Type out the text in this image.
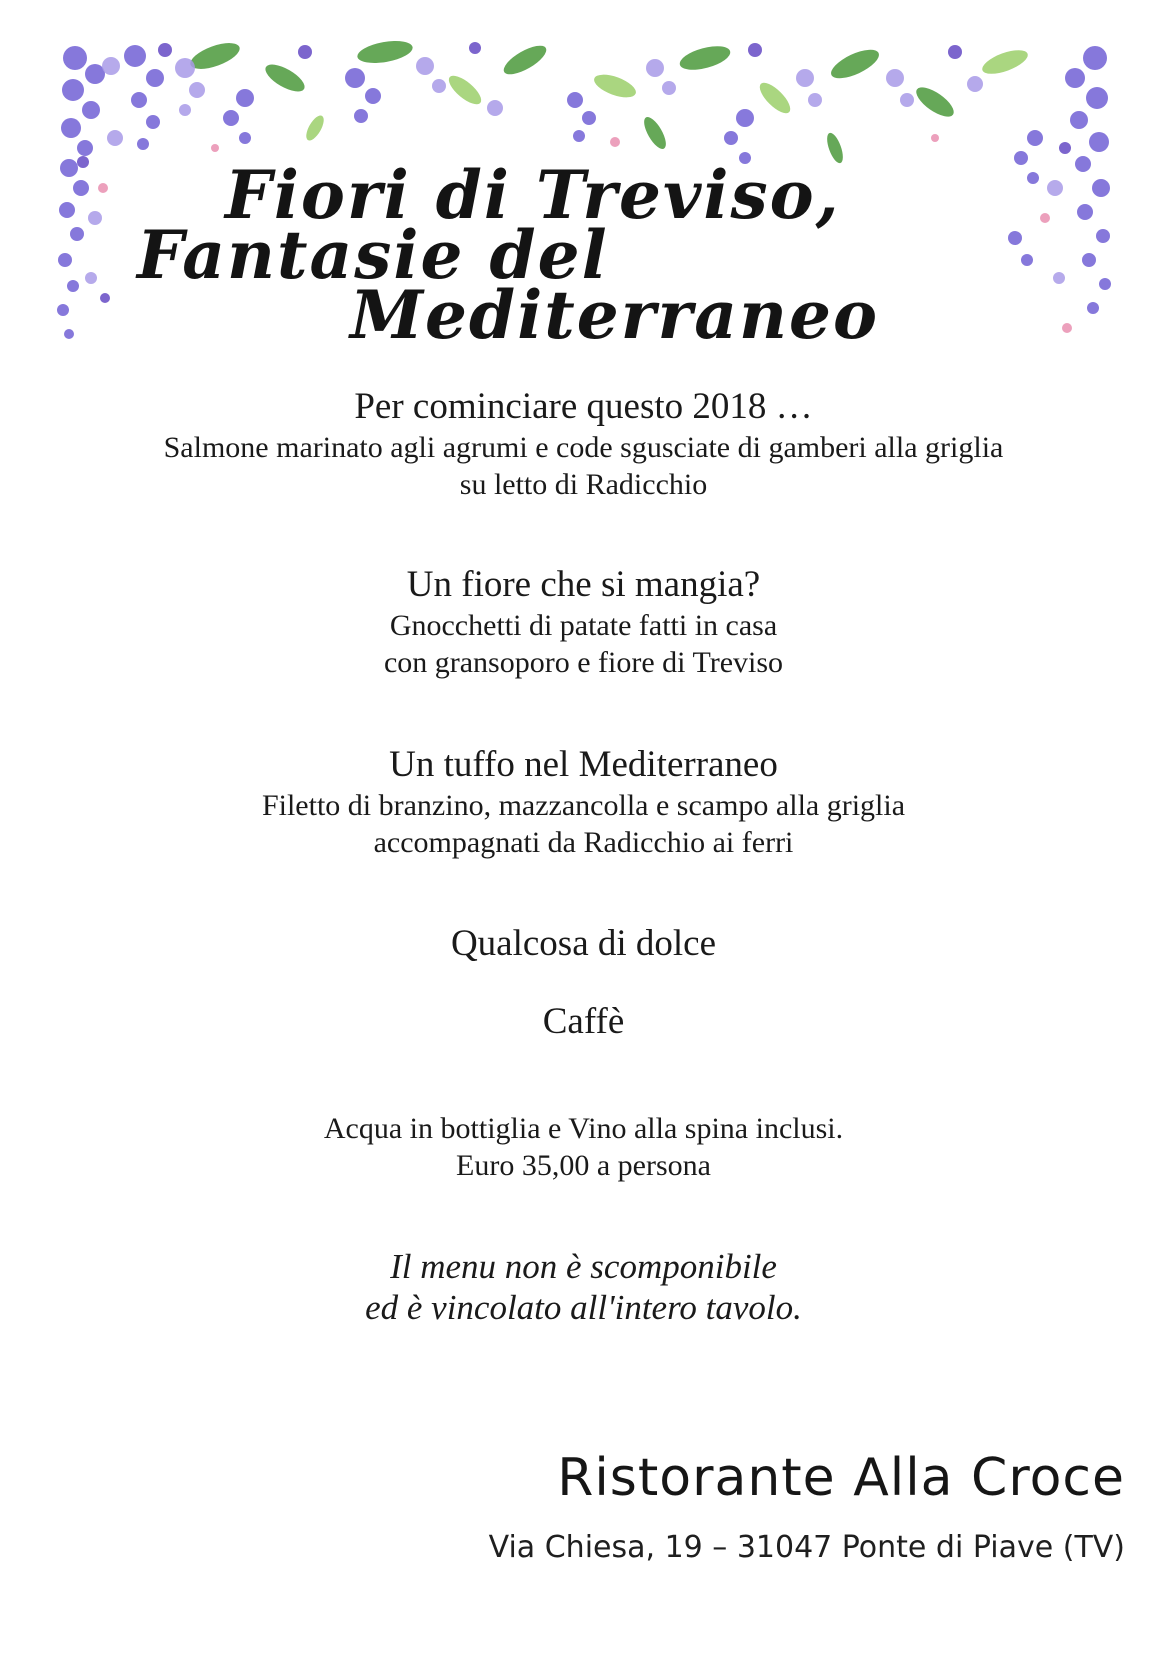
Fiori di Treviso,
Fantasie del
Mediterraneo
Per cominciare questo 2018 …
Salmone marinato agli agrumi e code sgusciate di gamberi alla griglia
su letto di Radicchio
Un fiore che si mangia?
Gnocchetti di patate fatti in casa
con gransoporo e fiore di Treviso
Un tuffo nel Mediterraneo
Filetto di branzino, mazzancolla e scampo alla griglia
accompagnati da Radicchio ai ferri
Qualcosa di dolce
Caffè
Acqua in bottiglia e Vino alla spina inclusi.
Euro 35,00 a persona
Il menu non è scomponibile
ed è vincolato all'intero tavolo.

Ristorante Alla Croce

Via Chiesa, 19 – 31047 Ponte di Piave (TV)
